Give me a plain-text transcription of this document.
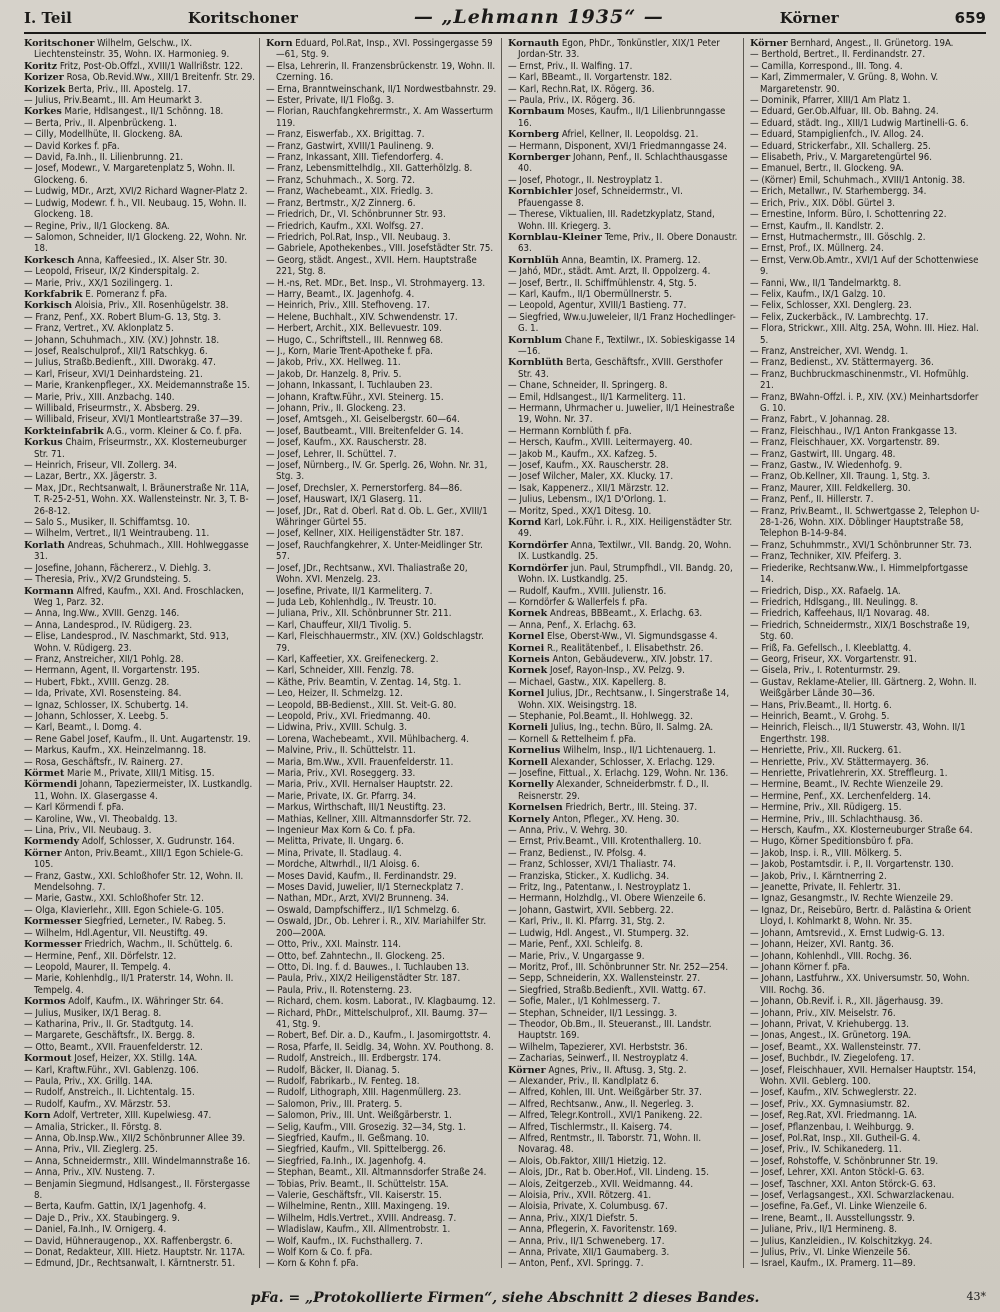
I. Teil	Koritschoner	— „Lehmann 1935“ —	Körner	659

Koritschoner Wilhelm, Gelschw., IX. Liechtensteinstr. 35, Wohn. IX. Harmonieg. 9.

Koritz Fritz, Post-Ob.Offzl., XVIII/1 Wallrißstr. 122.

Korizer Rosa, Ob.Revid.Ww., XIII/1 Breitenfr. Str. 29.

Korizek Berta, Priv., III. Apostelg. 17.

— Julius, Priv.Beamt., III. Am Heumarkt 3.

Korkes Marie, Hdlsangest., II/1 Schönng. 18.

— Berta, Priv., II. Alpenbrückeng. 1.

— Cilly, Modellhüte, II. Glockeng. 8A.

— David Korkes f. pFa.

— David, Fa.Inh., II. Lilienbrunng. 21.

— Josef, Modewr., V. Margaretenplatz 5, Wohn. II. Glockeng. 6.

— Ludwig, MDr., Arzt, XVI/2 Richard Wagner-Platz 2.

— Ludwig, Modewr. f. h., VII. Neubaug. 15, Wohn. II. Glockeng. 18.

— Regine, Priv., II/1 Glockeng. 8A.

— Salomon, Schneider, II/1 Glockeng. 22, Wohn. Nr. 18.

Korkesch Anna, Kaffeesied., IX. Alser Str. 30.

— Leopold, Friseur, IX/2 Kinderspitalg. 2.

— Marie, Priv., XX/1 Sozilingerg. 1.

Korkfabrik E. Pomeranz f. pFa.

Korkisch Aloisia, Priv., XII. Rosenhügelstr. 38.

— Franz, Penf., XX. Robert Blum-G. 13, Stg. 3.

— Franz, Vertret., XV. Aklonplatz 5.

— Johann, Schuhmach., XIV. (XV.) Johnstr. 18.

— Josef, Realschulprof., XII/1 Ratschkyg. 6.

— Julius, Straßb.Bedienft., XIII. Dworakg. 47.

— Karl, Friseur, XVI/1 Deinhardsteing. 21.

— Marie, Krankenpfleger., XX. Meidemannstraße 15.

— Marie, Priv., XIII. Anzbachg. 140.

— Willibald, Friseurmstr., X. Absberg. 29.

— Willibald, Friseur, XVI/1 Montleartstraße 37—39.

Korkteinfabrik A.G., vorm. Kleiner & Co. f. pFa.

Korkus Chaim, Friseurmstr., XX. Klosterneuburger Str. 71.

— Heinrich, Friseur, VII. Zollerg. 34.

— Lazar, Bertr., XX. Jägerstr. 3.

— Max, JDr., Rechtsanwalt, I. Bräunerstraße Nr. 11A, T. R-25-2-51, Wohn. XX. Wallensteinstr. Nr. 3, T. B-26-8-12.

— Salo S., Musiker, II. Schiffamtsg. 10.

— Wilhelm, Vertret., II/1 Weintraubeng. 11.

Korlath Andreas, Schuhmach., XIII. Hohlweggasse 31.

— Josefine, Johann, Fächererz., V. Diehlg. 3.

— Theresia, Priv., XV/2 Grundsteing. 5.

Kormann Alfred, Kaufm., XXI. And. Froschlacken, Weg 1, Parz. 32.

— Anna, Ing.Ww., XVIII. Genzg. 146.

— Anna, Landesprod., IV. Rüdigerg. 23.

— Elise, Landesprod., IV. Naschmarkt, Std. 913, Wohn. V. Rüdigerg. 23.

— Franz, Anstreicher, XII/1 Pohlg. 28.

— Hermann, Agent, II. Vorgartenstr. 195.

— Hubert, Fbkt., XVIII. Genzg. 28.

— Ida, Private, XVI. Rosensteing. 84.

— Ignaz, Schlosser, IX. Schubertg. 14.

— Johann, Schlosser, X. Leebg. 5.

— Karl, Beamt., I. Domg. 4.

— Rene Gabel Josef, Kaufm., II. Unt. Augartenstr. 19.

— Markus, Kaufm., XX. Heinzelmanng. 18.

— Rosa, Geschäftsfr., IV. Rainerg. 27.

Körmet Marie M., Private, XIII/1 Mitisg. 15.

Körmendi Johann, Tapeziermeister, IX. Lustkandlg. 11, Wohn. IX. Glasergasse 4.

— Karl Körmendi f. pFa.

— Karoline, Ww., VI. Theobaldg. 13.

— Lina, Priv., VII. Neubaug. 3.

Kormendy Adolf, Schlosser, X. Gudrunstr. 164.

Körner Anton, Priv.Beamt., XIII/1 Egon Schiele-G. 105.

— Franz, Gastw., XXI. Schloßhofer Str. 12, Wohn. II. Mendelsohng. 7.

— Marie, Gastw., XXI. Schloßhofer Str. 12.

— Olga, Klavierlehr., XIII. Egon Schiele-G. 105.

Kormesser Siegfried, Lerneter., IV. Rabeg. 5.

— Wilhelm, Hdl.Agentur, VII. Neustiftg. 49.

Kormesser Friedrich, Wachm., II. Schüttelg. 6.

— Hermine, Penf., XII. Dörfelstr. 12.

— Leopold, Maurer, II. Tempelg. 4.

— Marie, Kohlenhdlg., II/1 Praterstr. 14, Wohn. II. Tempelg. 4.

Kormos Adolf, Kaufm., IX. Währinger Str. 64.

— Julius, Musiker, IX/1 Berag. 8.

— Katharina, Priv., II. Gr. Stadtgutg. 14.

— Margarete, Geschäftsfr., IX. Bergg. 8.

— Otto, Beamt., XVII. Frauenfelderstr. 12.

Kormout Josef, Heizer, XX. Stillg. 14A.

— Karl, Kraftw.Führ., XVI. Gablenzg. 106.

— Paula, Priv., XX. Grillg. 14A.

— Rudolf, Anstreich., II. Lichtentalg. 15.

— Rudolf, Kaufm., XV. Märzstr. 53.

Korn Adolf, Vertreter, XIII. Kupelwiesg. 47.

— Amalia, Stricker., II. Förstg. 8.

— Anna, Ob.Insp.Ww., XII/2 Schönbrunner Allee 39.

— Anna, Priv., VII. Zieglerg. 25.

— Anna, Schneidermstr., XIII. Windelmannstraße 16.

— Anna, Priv., XIV. Nusteng. 7.

— Benjamin Siegmund, Hdlsangest., II. Förstergasse 8.

— Berta, Kaufm. Gattin, IX/1 Jagenhofg. 4.

— Daje D., Priv., XX. Staubingerg. 9.

— Daniel, Fa.Inh., IV. Ornigerg. 4.

— David, Hühneraugenop., XX. Raffenbergstr. 6.

— Donat, Redakteur, XIII. Hietz. Hauptstr. Nr. 117A.

— Edmund, JDr., Rechtsanwalt, I. Kärntnerstr. 51.

Korn Eduard, Pol.Rat, Insp., XVI. Possingergasse 59—61, Stg. 9.

— Elsa, Lehrerin, II. Franzensbrückenstr. 19, Wohn. II. Czerning. 16.

— Erna, Branntweinschank, II/1 Nordwestbahnstr. 29.

— Ester, Private, II/1 Floßg. 3.

— Florian, Rauchfangkehrermstr., X. Am Wasserturm 119.

— Franz, Eiswerfab., XX. Brigittag. 7.

— Franz, Gastwirt, XVIII/1 Paulineng. 9.

— Franz, Inkassant, XIII. Tiefendorferg. 4.

— Franz, Lebensmittelhdlg., XII. Gatterhölzlg. 8.

— Franz, Schuhmach., X. Sorg. 72.

— Franz, Wachebeamt., XIX. Friedlg. 3.

— Franz, Bertmstr., X/2 Zinnerg. 6.

— Friedrich, Dr., VI. Schönbrunner Str. 93.

— Friedrich, Kaufm., XXI. Wolfsg. 27.

— Friedrich, Pol.Rat, Insp., VII. Neubaug. 3.

— Gabriele, Apothekenbes., VIII. Josefstädter Str. 75.

— Georg, städt. Angest., XVII. Hern. Hauptstraße 221, Stg. 8.

— H.-ns, Ret. MDr., Bet. Insp., VI. Strohmayerg. 13.

— Harry, Beamt., IX. Jagenhofg. 4.

— Heinrich, Priv., XIII. Stefhoveng. 17.

— Helene, Buchhalt., XIV. Schwendenstr. 17.

— Herbert, Archit., XIX. Bellevuestr. 109.

— Hugo, C., Schriftstell., III. Rennweg 68.

— J., Korn, Marie Trent-Apotheke f. pFa.

— Jakob, Priv., XX. Hellweg. 11.

— Jakob, Dr. Hanzelg. 8, Priv. 5.

— Johann, Inkassant, I. Tuchlauben 23.

— Johann, Kraftw.Führ., XVI. Steinerg. 15.

— Johann, Priv., II. Glockeng. 23.

— Josef, Amtsgeh., XI. Geiselbergstr. 60—64.

— Josef, Bautbeamt., VIII. Breitenfelder G. 14.

— Josef, Kaufm., XX. Rauscherstr. 28.

— Josef, Lehrer, II. Schüttel. 7.

— Josef, Nürnberg., IV. Gr. Sperlg. 26, Wohn. Nr. 31, Stg. 3.

— Josef, Drechsler, X. Pernerstorferg. 84—86.

— Josef, Hauswart, IX/1 Glaserg. 11.

— Josef, JDr., Rat d. Oberl. Rat d. Ob. L. Ger., XVIII/1 Währinger Gürtel 55.

— Josef, Kellner, XIX. Heiligenstädter Str. 187.

— Josef, Rauchfangkehrer, X. Unter-Meidlinger Str. 57.

— Josef, JDr., Rechtsanw., XVI. Thaliastraße 20, Wohn. XVI. Menzelg. 23.

— Josefine, Private, II/1 Karmeliterg. 7.

— Juda Leb, Kohlenhdlg., IV. Treustr. 10.

— Juliana, Priv., XII. Schönbrunner Str. 211.

— Karl, Chauffeur, XII/1 Tivolig. 5.

— Karl, Fleischhauermstr., XIV. (XV.) Goldschlagstr. 79.

— Karl, Kaffeetier, XX. Greifeneckerg. 2.

— Karl, Schneider, XIII. Fenzlg. 78.

— Käthe, Priv. Beamtin, V. Zentag. 14, Stg. 1.

— Leo, Heizer, II. Schmelzg. 12.

— Leopold, BB-Bedienst., XIII. St. Veit-G. 80.

— Leopold, Priv., XVI. Friedmanng. 40.

— Lidwina, Priv., XVIII. Schulg. 3.

— Lorena, Wachebeamt., XVII. Mühlbacherg. 4.

— Malvine, Priv., II. Schüttelstr. 11.

— Maria, Bm.Ww., XVII. Frauenfelderstr. 11.

— Maria, Priv., XVI. Roseggerg. 33.

— Maria, Priv., XVII. Hernalser Hauptstr. 22.

— Marie, Private, IX. Gr. Pfarrg. 34.

— Markus, Wirthschaft, III/1 Neustiftg. 23.

— Mathias, Kellner, XIII. Altmannsdorfer Str. 72.

— Ingenieur Max Korn & Co. f. pFa.

— Melitta, Private, II. Ungarg. 6.

— Mina, Private, II. Stadlaug. 4.

— Mordche, Altwrhdl., II/1 Aloisg. 6.

— Moses David, Kaufm., II. Ferdinandstr. 29.

— Moses David, Juwelier, II/1 Sterneckplatz 7.

— Nathan, MDr., Arzt, XVI/2 Brunneng. 34.

— Oswald, Dampfschifferz., II/1 Schmelzg. 6.

— Oswald, JDr., Ob. Lehrer i. R., XIV. Mariahilfer Str. 200—200A.

— Otto, Priv., XXI. Mainstr. 114.

— Otto, bef. Zahntechn., II. Glockeng. 25.

— Otto, Di. Ing. f. d. Bauwes., I. Tuchlauben 13.

— Paula, Priv., XIX/2 Heiligenstädter Str. 187.

— Paula, Priv., II. Rotensterng. 23.

— Richard, chem. kosm. Laborat., IV. Klagbaumg. 12.

— Richard, PhDr., Mittelschulprof., XII. Baumg. 37—41, Stg. 9.

— Robert, Bef. Dir. a. D., Kaufm., I. Jasomirgottstr. 4.

— Rosa, Pfarfe, II. Seidlg. 34, Wohn. XV. Pouthong. 8.

— Rudolf, Anstreich., III. Erdbergstr. 174.

— Rudolf, Bäcker, II. Dianag. 5.

— Rudolf, Fabrikarb., IV. Fenteg. 18.

— Rudolf, Lithograph, XIII. Hagenmüllerg. 23.

— Salomon, Priv., III. Praterg. 5.

— Salomon, Priv., III. Unt. Weißgärberstr. 1.

— Selig, Kaufm., VIII. Grosezig. 32—34, Stg. 1.

— Siegfried, Kaufm., II. Geßmang. 10.

— Siegfried, Kaufm., VII. Spittelbergg. 26.

— Siegfried, Fa.Inh., IX. Jagenhofg. 4.

— Stephan, Beamt., XII. Altmannsdorfer Straße 24.

— Tobias, Priv. Beamt., II. Schüttelstr. 15A.

— Valerie, Geschäftsfr., VII. Kaiserstr. 15.

— Wilhelmine, Rentn., XIII. Maxingeng. 19.

— Wilhelm, Hdls.Vertret., XVIII. Andreasg. 7.

— Wladislaw, Kaufm., XII. Allmentrobstr. 1.

— Wolf, Kaufm., IX. Fuchsthallerg. 7.

— Wolf Korn & Co. f. pFa.

— Korn & Kohn f. pFa.

Kornauth Egon, PhDr., Tonkünstler, XIX/1 Peter Jordan-Str. 33.

— Ernst, Priv., II. Walfing. 17.

— Karl, BBeamt., II. Vorgartenstr. 182.

— Karl, Rechn.Rat, IX. Rögerg. 36.

— Paula, Priv., IX. Rögerg. 36.

Kornbaum Moses, Kaufm., II/1 Lilienbrunngasse 16.

Kornberg Afriel, Kellner, II. Leopoldsg. 21.

— Hermann, Disponent, XVI/1 Friedmanngasse 24.

Kornberger Johann, Penf., II. Schlachthausgasse 40.

— Josef, Photogr., II. Nestroyplatz 1.

Kornbichler Josef, Schneidermstr., VI. Pfauengasse 8.

— Therese, Viktualien, III. Radetzkyplatz, Stand, Wohn. III. Kriegerg. 3.

Kornblau-Kleiner Teme, Priv., II. Obere Donaustr. 63.

Kornblüh Anna, Beamtin, IX. Pramerg. 12.

— Jahó, MDr., städt. Amt. Arzt, II. Oppolzerg. 4.

— Josef, Bertr., II. Schiffmühlenstr. 4, Stg. 5.

— Karl, Kaufm., II/1 Obermüllnerstr. 5.

— Leopold, Agentur, XVIII/1 Bastieng. 77.

— Siegfried, Ww.u.Juweleier, II/1 Franz Hochedlinger-G. 1.

Kornblum Chane F., Textilwr., IX. Sobieskigasse 14—16.

Kornblüth Berta, Geschäftsfr., XVIII. Gersthofer Str. 43.

— Chane, Schneider, II. Springerg. 8.

— Emil, Hdlsangest., II/1 Karmeliterg. 11.

— Hermann, Uhrmacher u. Juwelier, II/1 Heinestraße 19, Wohn. Nr. 37.

— Hermann Kornblüth f. pFa.

— Hersch, Kaufm., XVIII. Leitermayerg. 40.

— Jakob M., Kaufm., XX. Kafzeg. 5.

— Josef, Kaufm., XX. Rauscherstr. 28.

— Josef Wilcher, Maler, XX. Klucky. 17.

— Isak, Kappenerz., XII/1 Märzstr. 12.

— Julius, Lebensm., IX/1 D'Orlong. 1.

— Moritz, Sped., XX/1 Ditesg. 10.

Kornd Karl, Lok.Führ. i. R., XIX. Heiligenstädter Str. 49.

Korndörfer Anna, Textilwr., VII. Bandg. 20, Wohn. IX. Lustkandlg. 25.

Korndörfer jun. Paul, Strumpfhdl., VII. Bandg. 20, Wohn. IX. Lustkandlg. 25.

— Rudolf, Kaufm., XVIII. Julienstr. 16.

— Korndörfer & Wallerfels f. pFa.

Kornek Andreas, BBBeamt., X. Erlachg. 63.

— Anna, Penf., X. Erlachg. 63.

Kornel Else, Oberst-Ww., VI. Sigmundsgasse 4.

Kornei R., Realitätenbef., I. Elisabethstr. 26.

Korneis Anton, Gebäudeverw., XIV. Jobstr. 17.

Kornek Josef, Rayon-Insp., XV. Pelzg. 9.

— Michael, Gastw., XIX. Kapellerg. 8.

Kornel Julius, JDr., Rechtsanw., I. Singerstraße 14, Wohn. XIX. Weisingstrg. 18.

— Stephanie, Pol.Beamt., II. Hohlwegg. 32.

Korneli Julius, Ing., techn. Büro, II. Salmg. 2A.

— Kornell & Rettelheim f. pFa.

Kornelius Wilhelm, Insp., II/1 Lichtenauerg. 1.

Kornell Alexander, Schlosser, X. Erlachg. 129.

— Josefine, Fittual., X. Erlachg. 129, Wohn. Nr. 136.

Kornelly Alexander, Schneiderbmstr. f. D., II. Reisnerstr. 29.

Kornelsen Friedrich, Bertr., III. Steing. 37.

Kornely Anton, Pfleger., XV. Heng. 30.

— Anna, Priv., V. Wehrg. 30.

— Ernst, Priv.Beamt., VIII. Krotenthallerg. 10.

— Franz, Bedienst., IV. Pfolsg. 4.

— Franz, Schlosser, XVI/1 Thaliastr. 74.

— Franziska, Sticker., X. Kudlichg. 34.

— Fritz, Ing., Patentanw., I. Nestroyplatz 1.

— Hermann, Holzhdlg., VI. Obere Wienzeile 6.

— Johann, Gastwirt, XVII. Sebberg. 22.

— Karl, Priv., II. Kl. Pfarrg. 31, Stg. 2.

— Ludwig, Hdl. Angest., VI. Stumperg. 32.

— Marie, Penf., XXI. Schleifg. 8.

— Marie, Priv., V. Ungargasse 9.

— Moritz, Prof., III. Schönbrunner Str. Nr. 252—254.

— Sepp, Schneiderin, XX. Wallensteinstr. 27.

— Siegfried, Straßb.Bedienft., XVII. Wattg. 67.

— Sofie, Maler., I/1 Kohlmesserg. 7.

— Stephan, Schneider, II/1 Lessingg. 3.

— Theodor, Ob.Bm., II. Steueranst., III. Landstr. Hauptstr. 169.

— Wilhelm, Tapezierer, XVI. Herbststr. 36.

— Zacharias, Seinwerf., II. Nestroyplatz 4.

Körner Agnes, Priv., II. Aftusg. 3, Stg. 2.

— Alexander, Priv., II. Kandlplatz 6.

— Alfred, Kohlen, III. Unt. Weißgärber Str. 37.

— Alfred, Rechtsanw., Anw., II. Negerleg. 3.

— Alfred, Telegr.Kontroll., XVI/1 Panikeng. 22.

— Alfred, Tischlermstr., II. Kaiserg. 74.

— Alfred, Rentmstr., II. Taborstr. 71, Wohn. II. Novarag. 48.

— Alois, Ob.Faktor, XIII/1 Hietzig. 12.

— Alois, JDr., Rat b. Ober.Hof., VII. Lindeng. 15.

— Alois, Zeitgerzeb., XVII. Weidmanng. 44.

— Aloisia, Priv., XVII. Rötzerg. 41.

— Aloisia, Private, X. Columbusg. 67.

— Anna, Priv., XIX/1 Diefstr. 5.

— Anna, Pflegerin, X. Favoritenstr. 169.

— Anna, Priv., II/1 Schweneberg. 17.

— Anna, Private, XII/1 Gaumaberg. 3.

— Anton, Penf., XVI. Springg. 7.

Körner Bernhard, Angest., II. Grünetorg. 19A.

— Berthold, Bertret., II. Ferdinandstr. 27.

— Camilla, Korrespond., III. Tong. 4.

— Karl, Zimmermaler, V. Grüng. 8, Wohn. V. Margaretenstr. 90.

— Dominik, Pfarrer, XIII/1 Am Platz 1.

— Eduard, Ger.Ob.Alfuar, III. Ob. Bahng. 24.

— Eduard, städt. Ing., XIII/1 Ludwig Martinelli-G. 6.

— Eduard, Stampiglienfch., IV. Allog. 24.

— Eduard, Strickerfabr., XII. Schallerg. 25.

— Elisabeth, Priv., V. Margaretengürtel 96.

— Emanuel, Bertr., II. Glockeng. 9A.

— (Körner) Emil, Schuhmach., XVIII/1 Antonig. 38.

— Erich, Metallwr., IV. Starhembergg. 34.

— Erich, Priv., XIX. Döbl. Gürtel 3.

— Ernestine, Inform. Büro, I. Schottenring 22.

— Ernst, Kaufm., II. Kandlstr. 2.

— Ernst, Hutmachermstr., III. Göschlg. 2.

— Ernst, Prof., IX. Müllnerg. 24.

— Ernst, Verw.Ob.Amtr., XVI/1 Auf der Schottenwiese 9.

— Fanni, Ww., II/1 Tandelmarktg. 8.

— Felix, Kaufm., IX/1 Galzg. 10.

— Felix, Schlosser, XXI. Denglerg. 23.

— Felix, Zuckerbäck., IV. Lambrechtg. 17.

— Flora, Strickwr., XIII. Altg. 25A, Wohn. III. Hiez. Hal. 5.

— Franz, Anstreicher, XVI. Wendg. 1.

— Franz, Bedienst., XV. Stättermayerg. 36.

— Franz, Buchbruckmaschinenmstr., VI. Hofmühlg. 21.

— Franz, BWahn-Offzl. i. P., XIV. (XV.) Meinhartsdorfer G. 10.

— Franz, Fabrt., V. Johannag. 28.

— Franz, Fleischhau., IV/1 Anton Frankgasse 13.

— Franz, Fleischhauer, XX. Vorgartenstr. 89.

— Franz, Gastwirt, III. Ungarg. 48.

— Franz, Gastw., IV. Wiedenhofg. 9.

— Franz, Ob.Kellner, XII. Traung. 1, Stg. 3.

— Franz, Maurer, XIII. Feldkellerg. 30.

— Franz, Penf., II. Hillerstr. 7.

— Franz, Priv.Beamt., II. Schwertgasse 2, Telephon U-28-1-26, Wohn. XIX. Döblinger Hauptstraße 58, Telephon B-14-9-84.

— Franz, Schuhmmstr., XVI/1 Schönbrunner Str. 73.

— Franz, Techniker, XIV. Pfeiferg. 3.

— Friederike, Rechtsanw.Ww., I. Himmelpfortgasse 14.

— Friedrich, Disp., XX. Rafaelg. 1A.

— Friedrich, Hdlsgang., III. Neulingg. 8.

— Friedrich, Kaffeehaus, II/1 Novarag. 48.

— Friedrich, Schneidermstr., XIX/1 Boschstraße 19, Stg. 60.

— Friß, Fa. Gefellsch., I. Kleeblattg. 4.

— Georg, Friseur, XX. Vorgartenstr. 91.

— Gisela, Priv., I. Rotenturmstr. 29.

— Gustav, Reklame-Atelier, III. Gärtnerg. 2, Wohn. II. Weißgärber Lände 30—36.

— Hans, Priv.Beamt., II. Hortg. 6.

— Heinrich, Beamt., V. Grohg. 5.

— Heinrich, Fleisch.., II/1 Stuwerstr. 43, Wohn. II/1 Engerthstr. 198.

— Henriette, Priv., XII. Ruckerg. 61.

— Henriette, Priv., XV. Stättermayerg. 36.

— Henriette, Privatlehrerin, XX. Streffleurg. 1.

— Hermine, Beamt., IV. Rechte Wienzeile 29.

— Hermine, Penf., XX. Lerchenfelderg. 14.

— Hermine, Priv., XII. Rüdigerg. 15.

— Hermine, Priv., III. Schlachthausg. 36.

— Hersch, Kaufm., XX. Klosterneuburger Straße 64.

— Hugo, Körner Speditionsbüro f. pFa.

— Jakob, Insp. i. R., VIII. Mölkerg. 5.

— Jakob, Postamtsdir. i. P., II. Vorgartenstr. 130.

— Jakob, Priv., I. Kärntnerring 2.

— Jeanette, Private, II. Fehlertr. 31.

— Ignaz, Gesangmstr., IV. Rechte Wienzeile 29.

— Ignaz, Dr., Reisebüro, Bertr. d. Palästina & Orient Lloyd, I. Kohlmarkt 8, Wohn. Nr. 35.

— Johann, Amtsrevid., X. Ernst Ludwig-G. 13.

— Johann, Heizer, XVI. Rantg. 36.

— Johann, Kohlenhdl., VIII. Rochg. 36.

— Johann Körner f. pFa.

— Johann, Lastfuhrw., XX. Universumstr. 50, Wohn. VIII. Rochg. 36.

— Johann, Ob.Revif. i. R., XII. Jägerhausg. 39.

— Johann, Priv., XIV. Meiselstr. 76.

— Johann, Privat, V. Kriehubergg. 13.

— Jonas, Angest., IX. Grünetorg. 19A.

— Josef, Beamt., XX. Wallensteinstr. 77.

— Josef, Buchbdr., IV. Ziegelofeng. 17.

— Josef, Fleischhauer, XVII. Hernalser Hauptstr. 154, Wohn. XVII. Geblerg. 100.

— Josef, Kaufm., XIV. Schweglerstr. 22.

— Josef, Priv., XX. Gymnasiumstr. 82.

— Josef, Reg.Rat, XVI. Friedmanng. 1A.

— Josef, Pflanzenbau, I. Weihburgg. 9.

— Josef, Pol.Rat, Insp., XII. Gutheil-G. 4.

— Josef, Priv., IV. Schikanederg. 11.

— Josef, Rohstoffe, V. Schönbrunner Str. 19.

— Josef, Lehrer, XXI. Anton Stöckl-G. 63.

— Josef, Taschner, XXI. Anton Störck-G. 63.

— Josef, Verlagsangest., XXI. Schwarzlackenau.

— Josefine, Fa.Gef., VI. Linke Wienzeile 6.

— Irene, Beamt., II. Ausstellungsstr. 9.

— Juliane, Priv., II/1 Hermineng. 8.

— Julius, Kanzleidien., IV. Kolschitzkyg. 24.

— Julius, Priv., VI. Linke Wienzeile 56.

— Israel, Kaufm., IX. Pramerg. 11—89.

pFa. = „Protokollierte Firmen“, siehe Abschnitt 2 dieses Bandes.	43*
